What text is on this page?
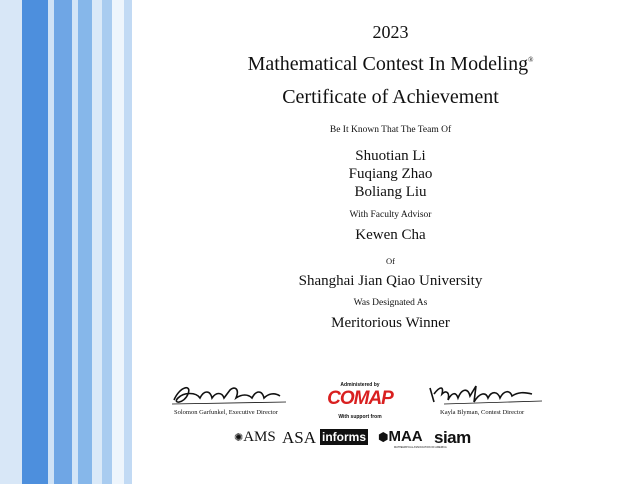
2023
Mathematical Contest In Modeling®
Certificate of Achievement
Be It Known That The Team Of
Shuotian Li
Fuqiang Zhao
Boliang Liu
With Faculty Advisor
Kewen Cha
Of
Shanghai Jian Qiao University
Was Designated As
Meritorious Winner
Solomon Garfunkel, Executive Director
Administered by
COMAP
With support from
Kayla Blyman, Contest Director
✺AMS ASA informs ⬢MAA
MATHEMATICAL ASSOCIATION OF AMERICA
siam
